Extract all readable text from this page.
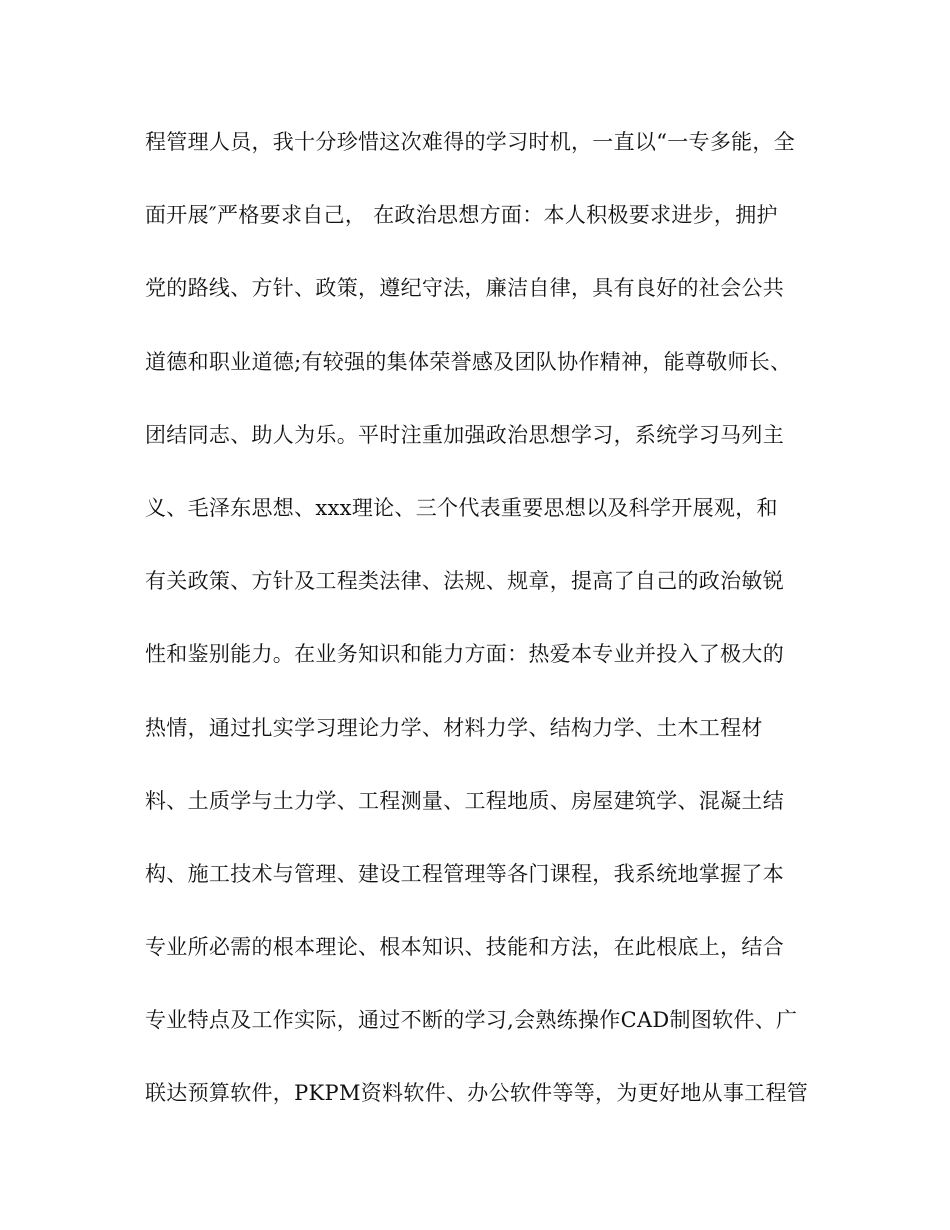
程管理人员，我十分珍惜这次难得的学习时机，一直以“一专多能，全
面开展″严格要求自己， 在政治思想方面：本人积极要求进步，拥护
党的路线、方针、政策，遵纪守法，廉洁自律，具有良好的社会公共
道德和职业道德;有较强的集体荣誉感及团队协作精神，能尊敬师长、
团结同志、助人为乐。平时注重加强政治思想学习，系统学习马列主
义、毛泽东思想、xxx理论、三个代表重要思想以及科学开展观，和
有关政策、方针及工程类法律、法规、规章，提高了自己的政治敏锐
性和鉴别能力。在业务知识和能力方面：热爱本专业并投入了极大的
热情，通过扎实学习理论力学、材料力学、结构力学、土木工程材
料、土质学与土力学、工程测量、工程地质、房屋建筑学、混凝土结
构、施工技术与管理、建设工程管理等各门课程，我系统地掌握了本
专业所必需的根本理论、根本知识、技能和方法，在此根底上，结合
专业特点及工作实际，通过不断的学习,会熟练操作CAD制图软件、广
联达预算软件，PKPM资料软件、办公软件等等，为更好地从事工程管
